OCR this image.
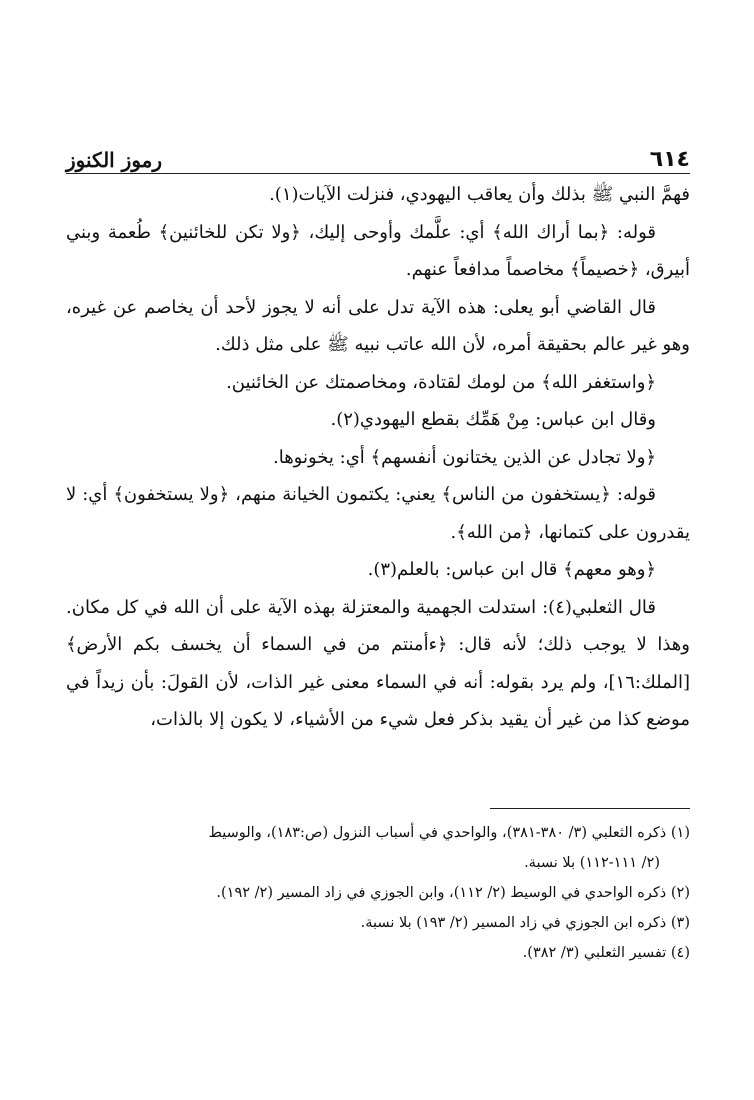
٦١٤
رموز الكنوز

فهمَّ النبي ﷺ بذلك وأن يعاقب اليهودي، فنزلت الآيات(١).

قوله: ﴿بما أراك الله﴾ أي: علَّمك وأوحى إليك، ﴿ولا تكن للخائنين﴾ طُعمة وبني أبيرق، ﴿خصيماً﴾ مخاصماً مدافعاً عنهم.

قال القاضي أبو يعلى: هذه الآية تدل على أنه لا يجوز لأحد أن يخاصم عن غيره، وهو غير عالم بحقيقة أمره، لأن الله عاتب نبيه ﷺ على مثل ذلك.

﴿واستغفر الله﴾ من لومك لقتادة، ومخاصمتك عن الخائنين.

وقال ابن عباس: مِنْ هَمِّك بقطع اليهودي(٢).

﴿ولا تجادل عن الذين يختانون أنفسهم﴾ أي: يخونوها.

قوله: ﴿يستخفون من الناس﴾ يعني: يكتمون الخيانة منهم، ﴿ولا يستخفون﴾ أي: لا يقدرون على كتمانها، ﴿من الله﴾.

﴿وهو معهم﴾ قال ابن عباس: بالعلم(٣).

قال الثعلبي(٤): استدلت الجهمية والمعتزلة بهذه الآية على أن الله في كل مكان. وهذا لا يوجب ذلك؛ لأنه قال: ﴿ءأمنتم من في السماء أن يخسف بكم الأرض﴾ [الملك:١٦]، ولم يرد بقوله: أنه في السماء معنى غير الذات، لأن القولَ: بأن زيداً في موضع كذا من غير أن يقيد بذكر فعل شيء من الأشياء، لا يكون إلا بالذات،

(١) ذكره الثعلبي (٣/ ٣٨٠-٣٨١)، والواحدي في أسباب النزول (ص:١٨٣)، والوسيط

(٢/ ١١١-١١٢) بلا نسبة.

(٢) ذكره الواحدي في الوسيط (٢/ ١١٢)، وابن الجوزي في زاد المسير (٢/ ١٩٢).

(٣) ذكره ابن الجوزي في زاد المسير (٢/ ١٩٣) بلا نسبة.

(٤) تفسير الثعلبي (٣/ ٣٨٢).
